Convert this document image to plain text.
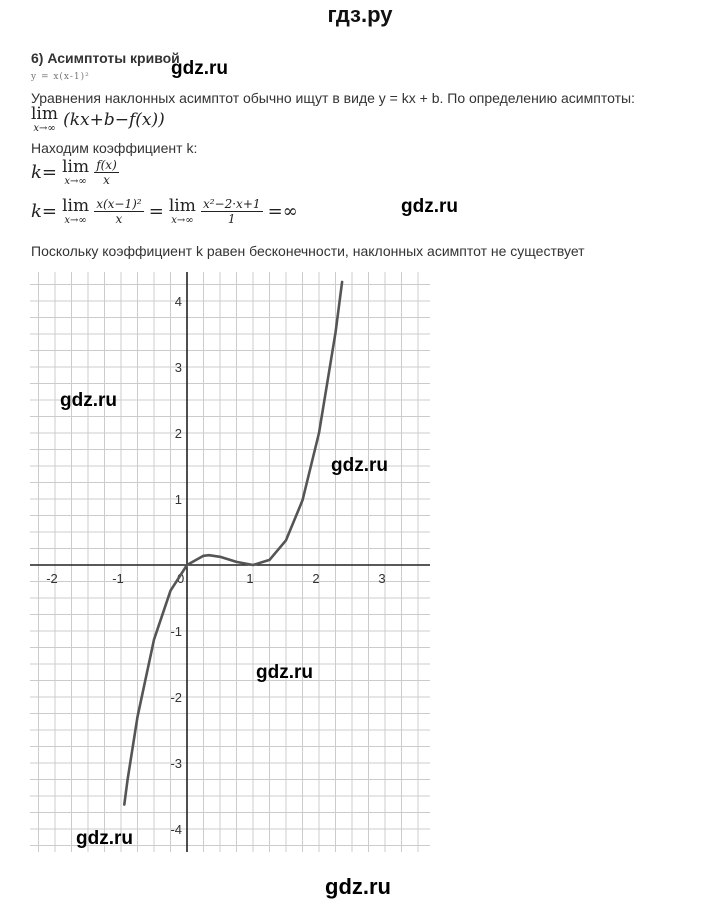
гдз.ру
6) Асимптоты кривой
y = x(x-1)²
Уравнения наклонных асимптот обычно ищут в виде y = kx + b. По определению асимптоты:
lim
x→∞ (kx+b−f(x))
Находим коэффициент k:
k= lim
x→∞
$\frac{f(x)}{x}$
k= lim
x→∞
$\frac{\text{x(x−1)²}}{x} = \lim$
x→∞
$\frac{\text{x²−2·x+1}}{1}$ =∞
Поскольку коэффициент k равен бесконечности, наклонных асимптот не существует
-2	-1	0	1	2	3
-4
-3
-2
-1
1
2
3
4
gdz.ru
gdz.ru
gdz.ru
gdz.ru
gdz.ru
gdz.ru
gdz.ru
